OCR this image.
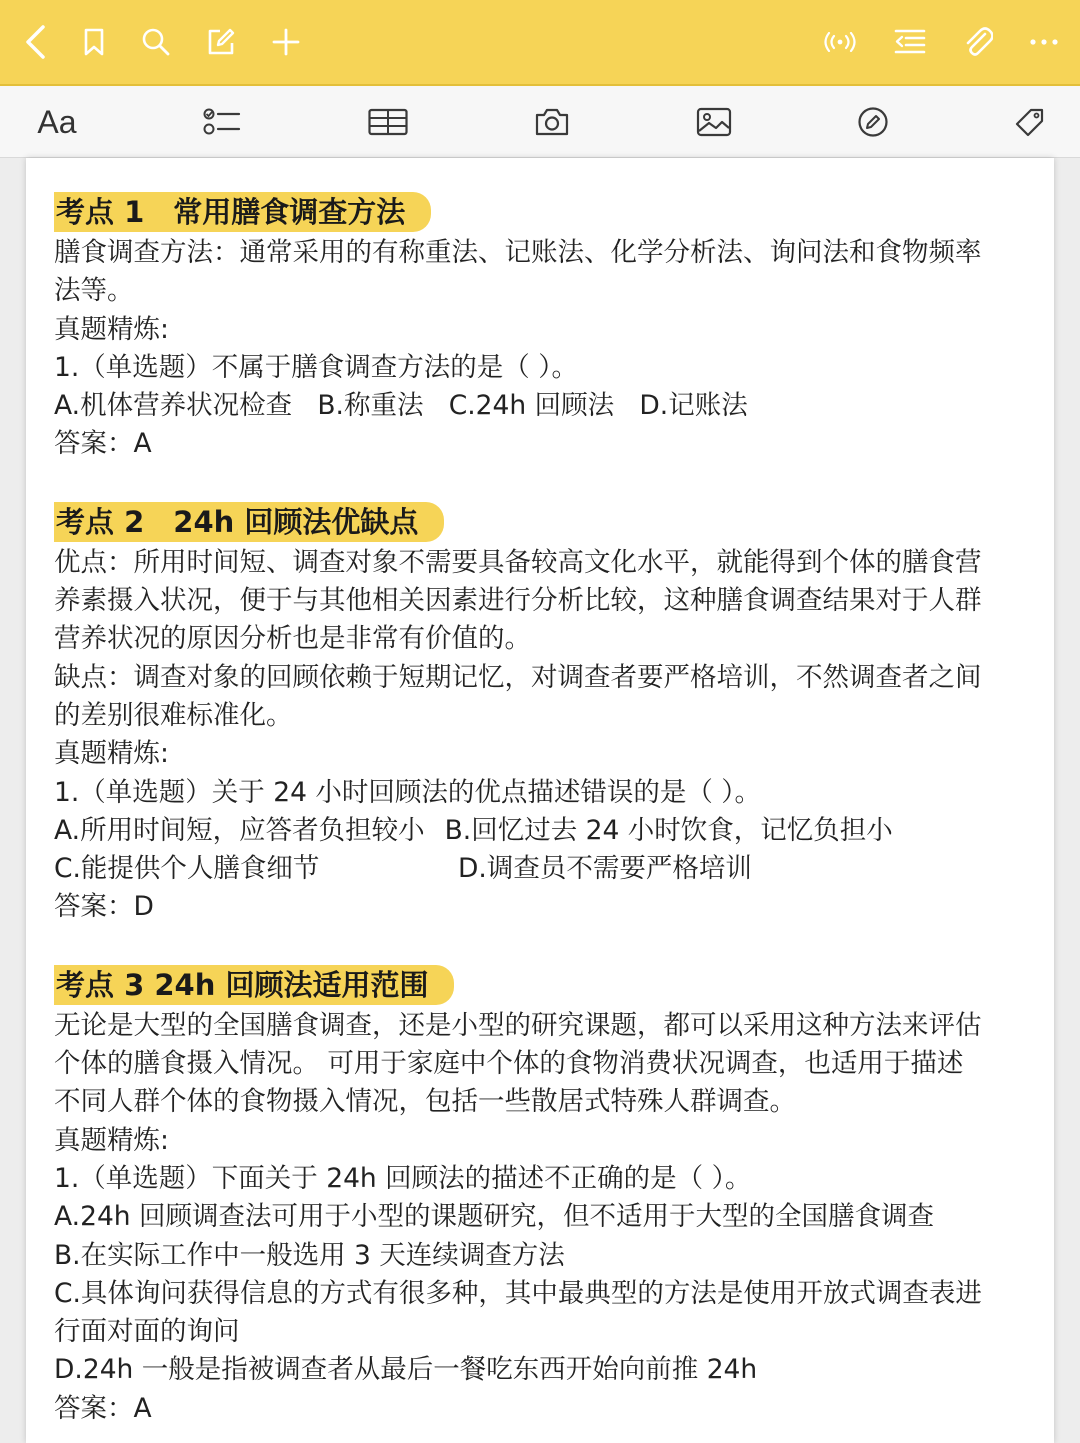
Aa
考点 1　常用膳食调查方法

膳食调查方法：通常采用的有称重法、记账法、化学分析法、询问法和食物频率

法等。

真题精炼:

1.（单选题）不属于膳食调查方法的是（ ）。

A.机体营养状况检查   B.称重法   C.24h 回顾法   D.记账法

答案：A

考点 2　24h 回顾法优缺点

优点：所用时间短、调查对象不需要具备较高文化水平，就能得到个体的膳食营

养素摄入状况，便于与其他相关因素进行分析比较，这种膳食调查结果对于人群

营养状况的原因分析也是非常有价值的。

缺点：调查对象的回顾依赖于短期记忆，对调查者要严格培训，不然调查者之间

的差别很难标准化。

真题精炼:

1.（单选题）关于 24 小时回顾法的优点描述错误的是（ ）。

A.所用时间短，应答者负担较小 B.回忆过去 24 小时饮食，记忆负担小

C.能提供个人膳食细节	D.调查员不需要严格培训

答案：D

考点 3 24h 回顾法适用范围

无论是大型的全国膳食调查，还是小型的研究课题，都可以采用这种方法来评估

个体的膳食摄入情况。 可用于家庭中个体的食物消费状况调查，也适用于描述

不同人群个体的食物摄入情况，包括一些散居式特殊人群调查。

真题精炼:

1.（单选题）下面关于 24h 回顾法的描述不正确的是（ ）。

A.24h 回顾调查法可用于小型的课题研究，但不适用于大型的全国膳食调查

B.在实际工作中一般选用 3 天连续调查方法

C.具体询问获得信息的方式有很多种，其中最典型的方法是使用开放式调查表进

行面对面的询问

D.24h 一般是指被调查者从最后一餐吃东西开始向前推 24h

答案：A
